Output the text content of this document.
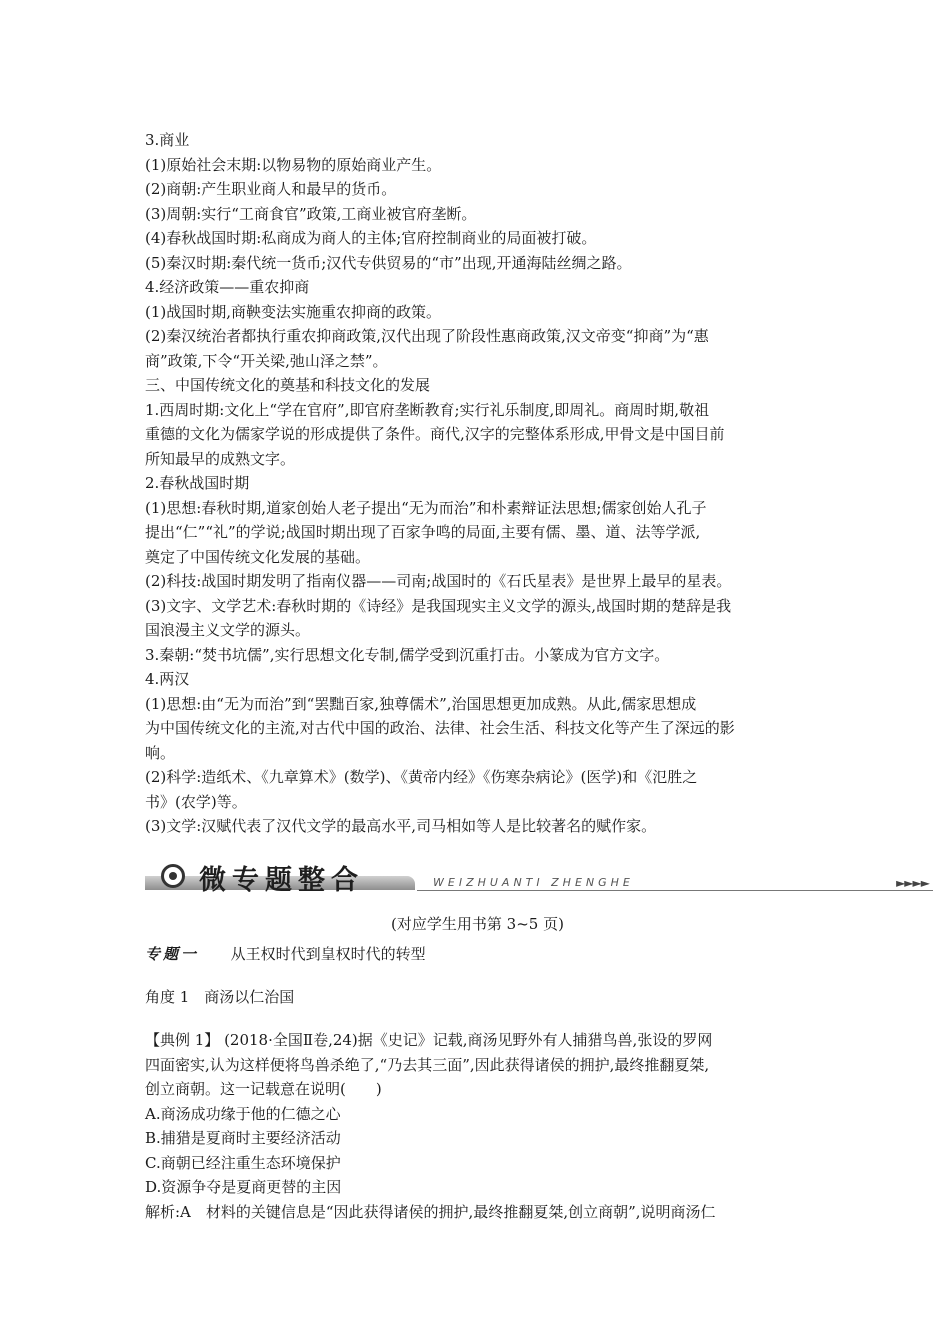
3.商业
(1)原始社会末期:以物易物的原始商业产生。
(2)商朝:产生职业商人和最早的货币。
(3)周朝:实行“工商食官”政策,工商业被官府垄断。
(4)春秋战国时期:私商成为商人的主体;官府控制商业的局面被打破。
(5)秦汉时期:秦代统一货币;汉代专供贸易的“市”出现,开通海陆丝绸之路。
4.经济政策——重农抑商
(1)战国时期,商鞅变法实施重农抑商的政策。
(2)秦汉统治者都执行重农抑商政策,汉代出现了阶段性惠商政策,汉文帝变“抑商”为“惠
商”政策,下令“开关梁,弛山泽之禁”。
三、中国传统文化的奠基和科技文化的发展
1.西周时期:文化上“学在官府”,即官府垄断教育;实行礼乐制度,即周礼。商周时期,敬祖
重德的文化为儒家学说的形成提供了条件。商代,汉字的完整体系形成,甲骨文是中国目前
所知最早的成熟文字。
2.春秋战国时期
(1)思想:春秋时期,道家创始人老子提出“无为而治”和朴素辩证法思想;儒家创始人孔子
提出“仁”“礼”的学说;战国时期出现了百家争鸣的局面,主要有儒、墨、道、法等学派,
奠定了中国传统文化发展的基础。
(2)科技:战国时期发明了指南仪器——司南;战国时的《石氏星表》是世界上最早的星表。
(3)文字、文学艺术:春秋时期的《诗经》是我国现实主义文学的源头,战国时期的楚辞是我
国浪漫主义文学的源头。
3.秦朝:“焚书坑儒”,实行思想文化专制,儒学受到沉重打击。小篆成为官方文字。
4.两汉
(1)思想:由“无为而治”到“罢黜百家,独尊儒术”,治国思想更加成熟。从此,儒家思想成
为中国传统文化的主流,对古代中国的政治、法律、社会生活、科技文化等产生了深远的影
响。
(2)科学:造纸术、《九章算术》(数学)、《黄帝内经》《伤寒杂病论》(医学)和《氾胜之
书》(农学)等。
(3)文学:汉赋代表了汉代文学的最高水平,司马相如等人是比较著名的赋作家。
微专题整合	WEIZHUANTI ZHENGHE	►►►►
(对应学生用书第 3~5 页)
专题一 从王权时代到皇权时代的转型
角度 1　商汤以仁治国
【典例 1】 (2018·全国Ⅱ卷,24)据《史记》记载,商汤见野外有人捕猎鸟兽,张设的罗网
四面密实,认为这样便将鸟兽杀绝了,“乃去其三面”,因此获得诸侯的拥护,最终推翻夏桀,
创立商朝。这一记载意在说明(　　)
A.商汤成功缘于他的仁德之心
B.捕猎是夏商时主要经济活动
C.商朝已经注重生态环境保护
D.资源争夺是夏商更替的主因
解析:A　材料的关键信息是“因此获得诸侯的拥护,最终推翻夏桀,创立商朝”,说明商汤仁
